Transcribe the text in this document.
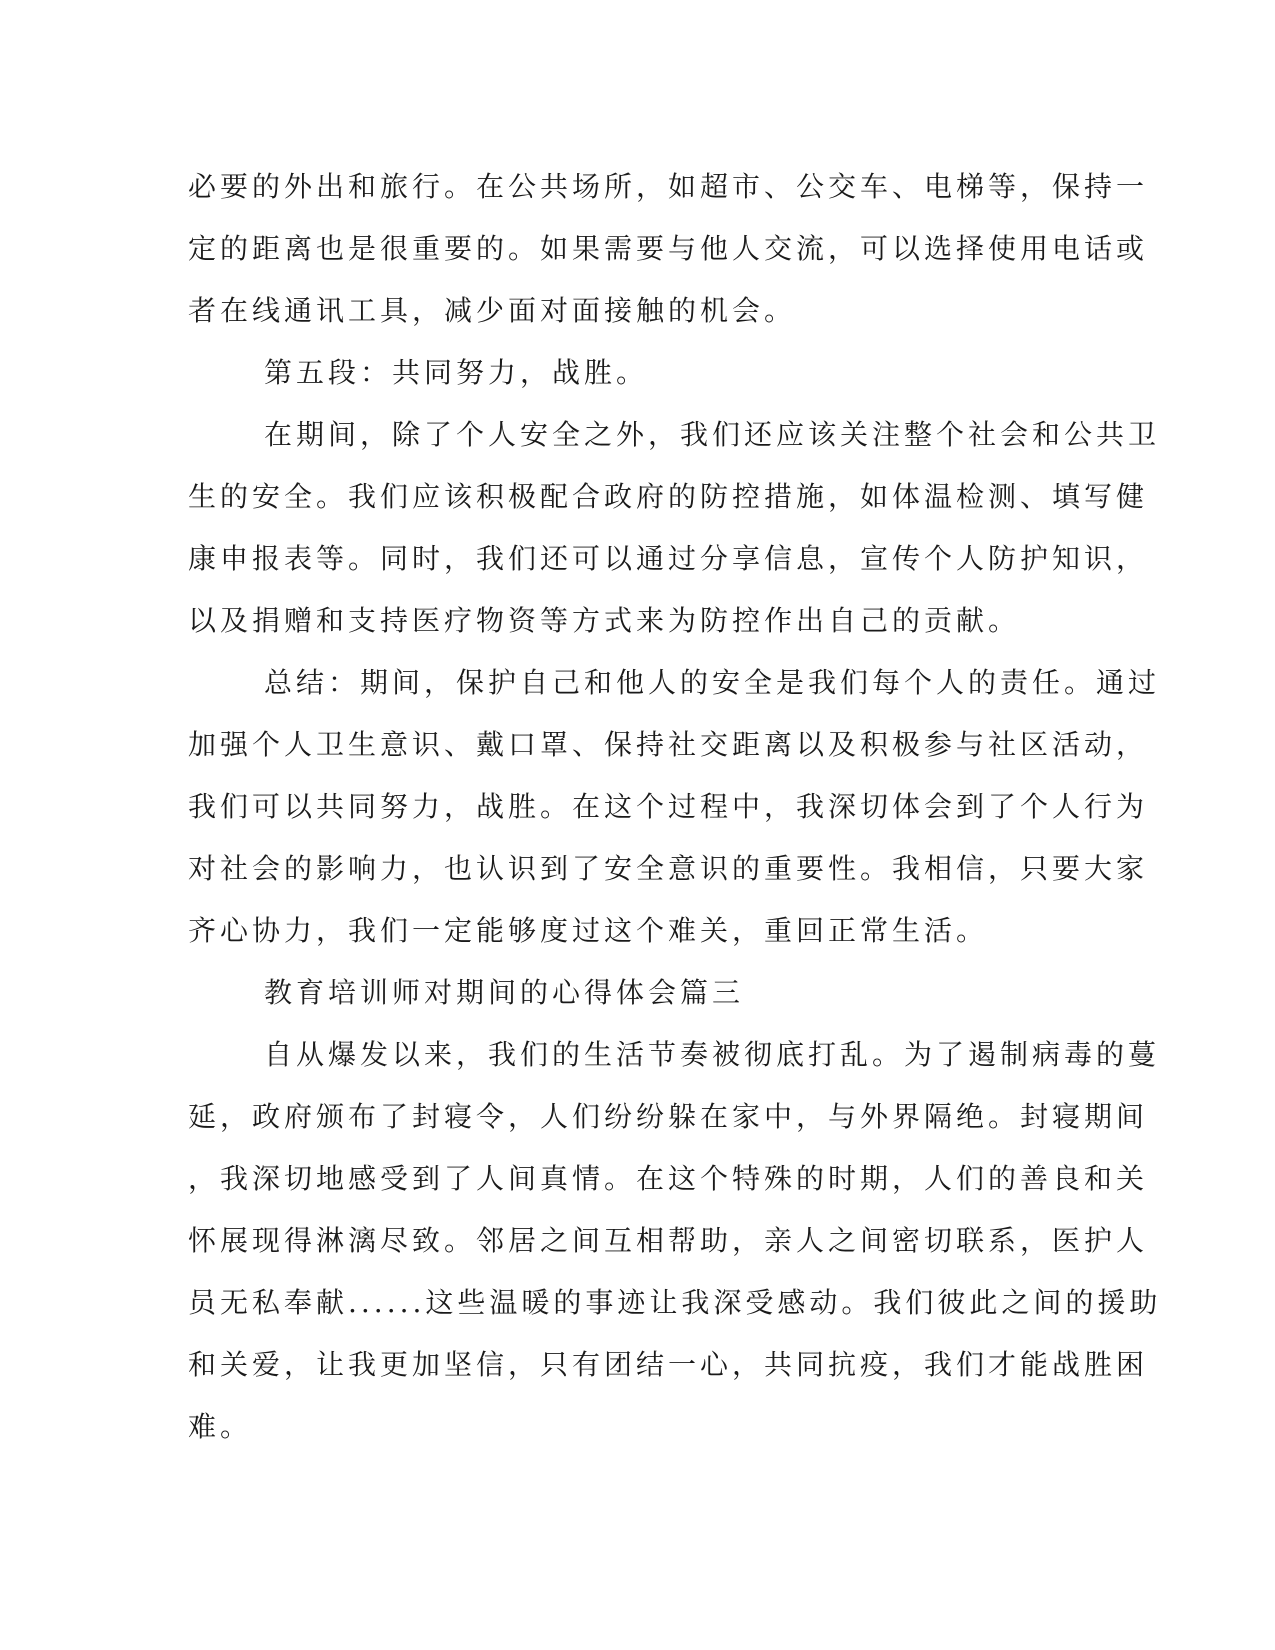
必要的外出和旅行。在公共场所，如超市、公交车、电梯等，保持一
定的距离也是很重要的。如果需要与他人交流，可以选择使用电话或
者在线通讯工具，减少面对面接触的机会。
第五段：共同努力，战胜。
在期间，除了个人安全之外，我们还应该关注整个社会和公共卫
生的安全。我们应该积极配合政府的防控措施，如体温检测、填写健
康申报表等。同时，我们还可以通过分享信息，宣传个人防护知识，
以及捐赠和支持医疗物资等方式来为防控作出自己的贡献。
总结：期间，保护自己和他人的安全是我们每个人的责任。通过
加强个人卫生意识、戴口罩、保持社交距离以及积极参与社区活动，
我们可以共同努力，战胜。在这个过程中，我深切体会到了个人行为
对社会的影响力，也认识到了安全意识的重要性。我相信，只要大家
齐心协力，我们一定能够度过这个难关，重回正常生活。
教育培训师对期间的心得体会篇三
自从爆发以来，我们的生活节奏被彻底打乱。为了遏制病毒的蔓
延，政府颁布了封寝令，人们纷纷躲在家中，与外界隔绝。封寝期间
，我深切地感受到了人间真情。在这个特殊的时期，人们的善良和关
怀展现得淋漓尽致。邻居之间互相帮助，亲人之间密切联系，医护人
员无私奉献......这些温暖的事迹让我深受感动。我们彼此之间的援助
和关爱，让我更加坚信，只有团结一心，共同抗疫，我们才能战胜困
难。
